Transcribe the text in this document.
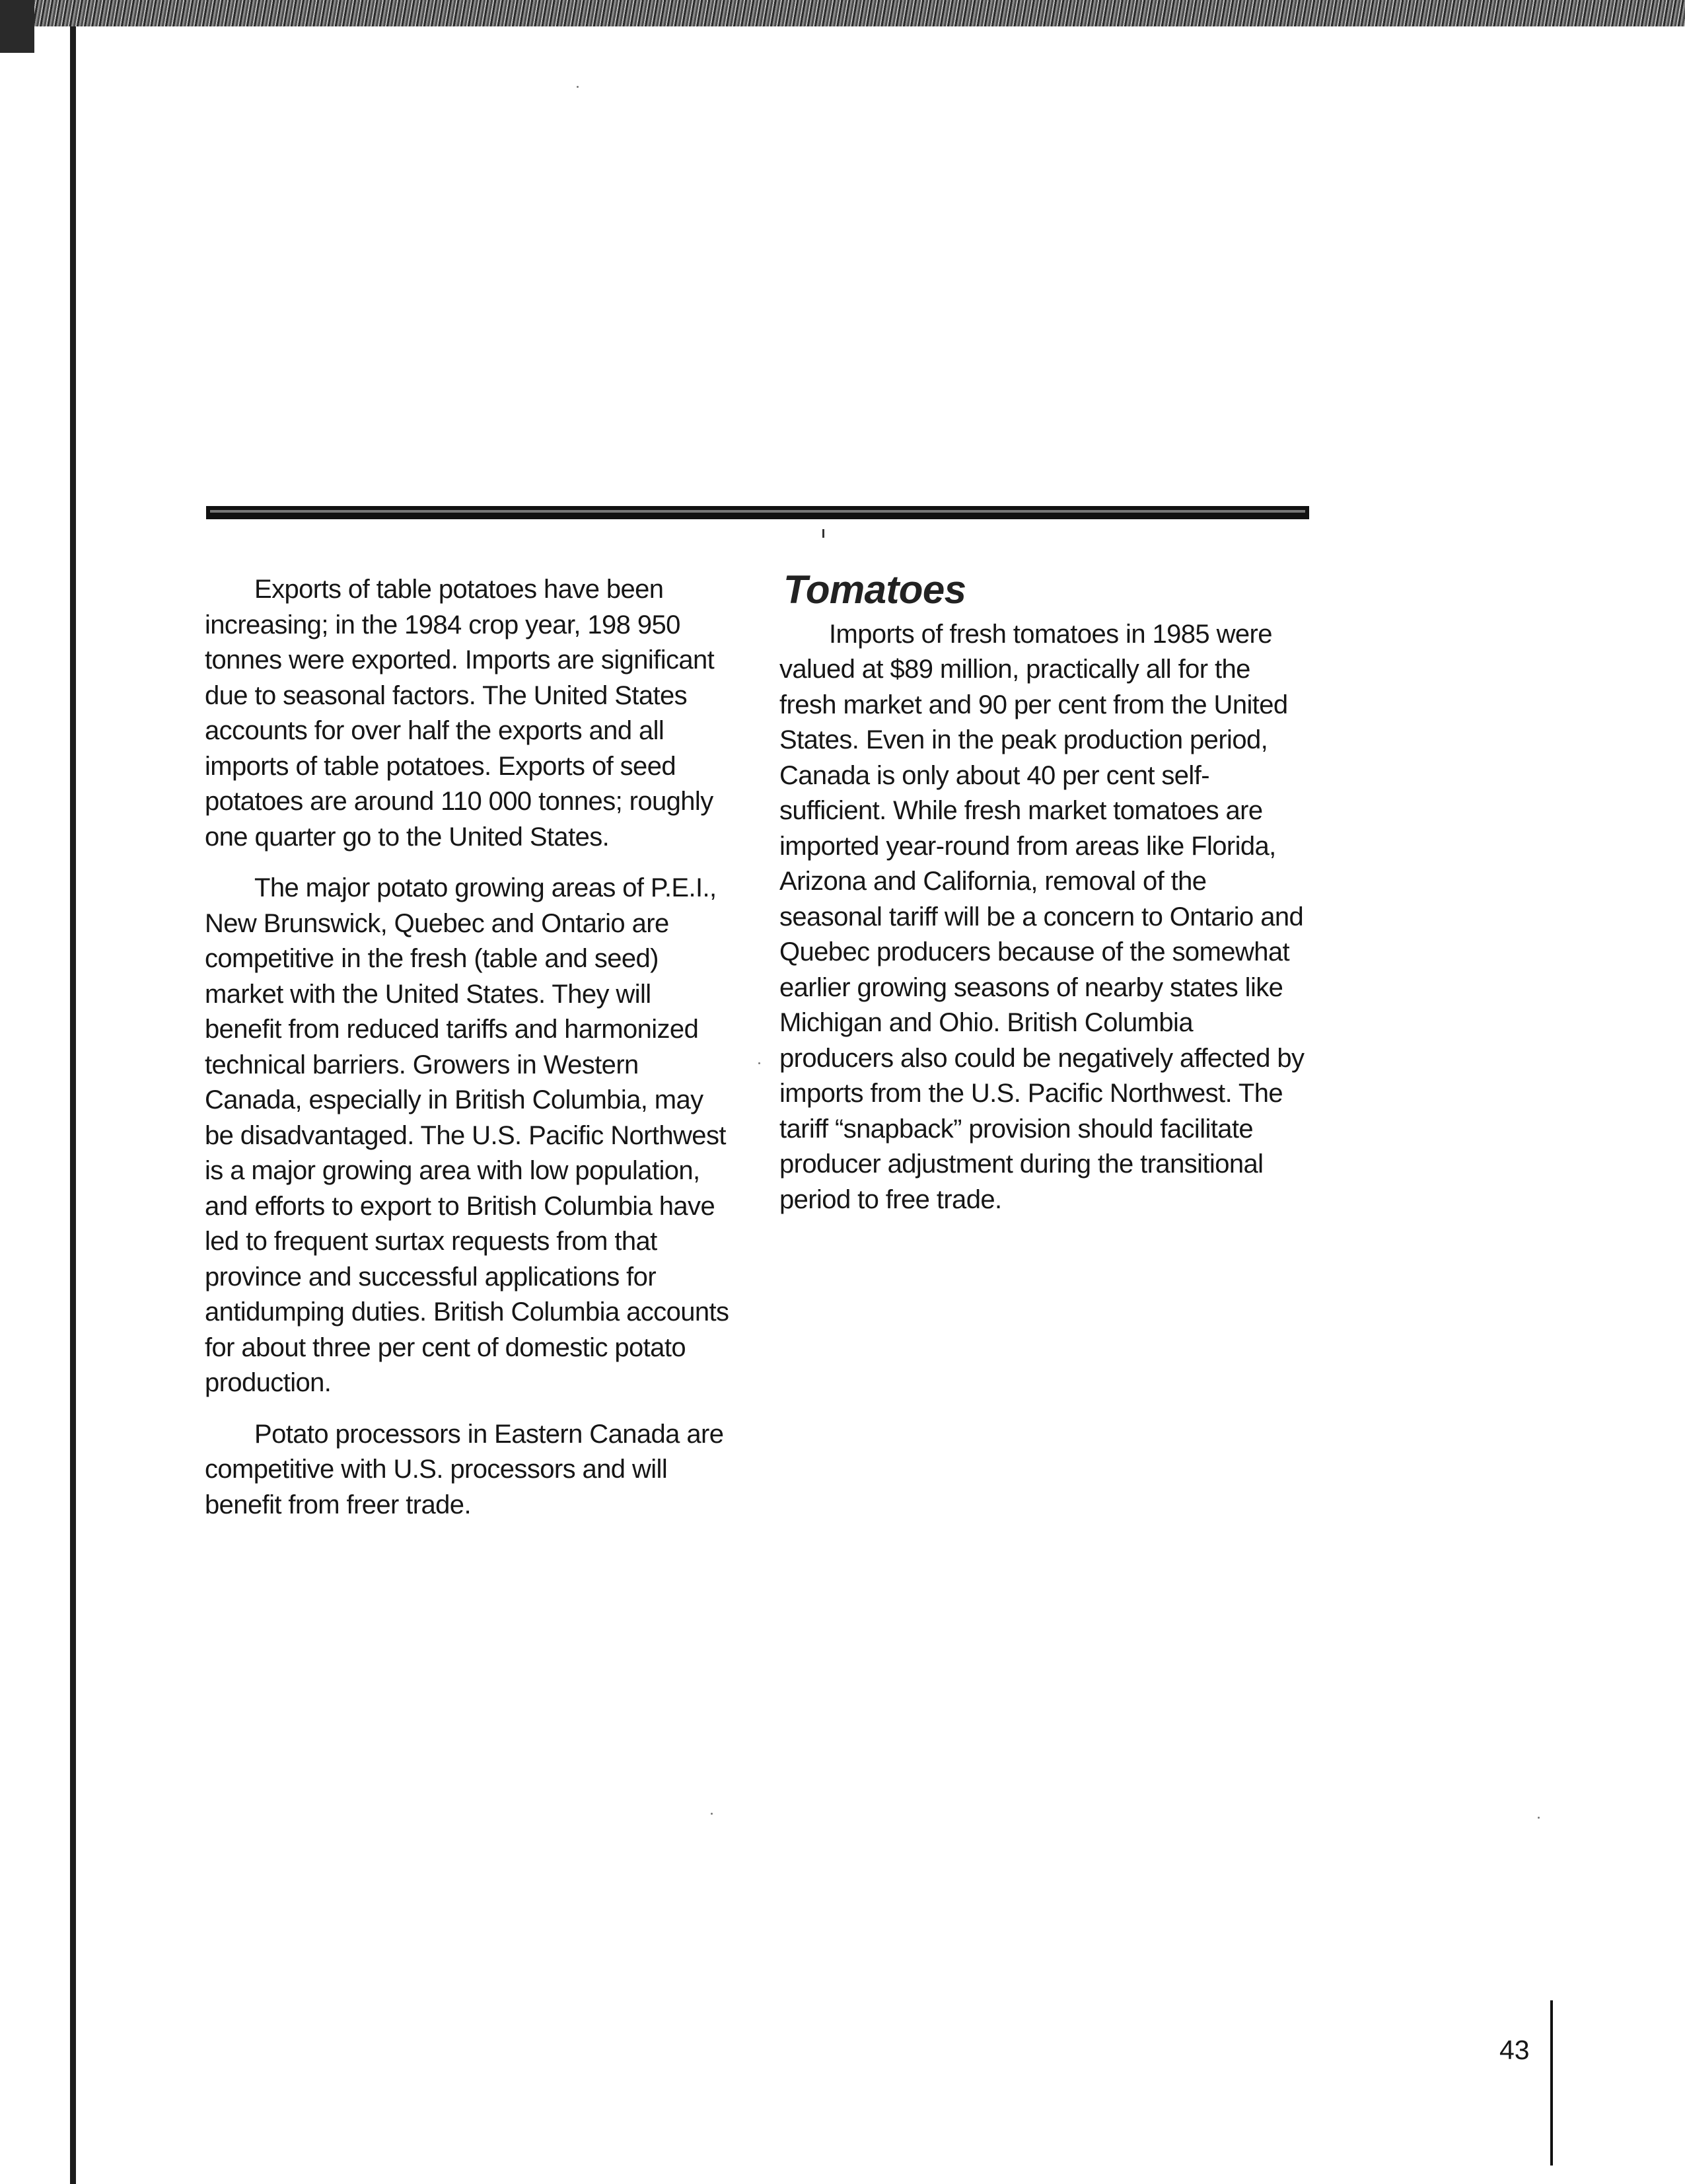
Exports of table potatoes have been increasing; in the 1984 crop year, 198 950 tonnes were exported. Imports are significant due to seasonal factors. The United States accounts for over half the exports and all imports of table potatoes. Exports of seed potatoes are around 110 000 tonnes; roughly one quarter go to the United States.

The major potato growing areas of P.E.I., New Brunswick, Quebec and Ontario are competitive in the fresh (table and seed) market with the United States. They will benefit from reduced tariffs and harmonized technical barriers. Growers in Western Canada, especially in British Columbia, may be disadvantaged. The U.S. Pacific Northwest is a major growing area with low population, and efforts to export to British Columbia have led to frequent surtax requests from that province and successful applications for antidumping duties. British Columbia accounts for about three per cent of domestic potato production.

Potato processors in Eastern Canada are competitive with U.S. processors and will benefit from freer trade.

Tomatoes

Imports of fresh tomatoes in 1985 were valued at $89 million, practically all for the fresh market and 90 per cent from the United States. Even in the peak production period, Canada is only about 40 per cent self-sufficient. While fresh market tomatoes are imported year-round from areas like Florida, Arizona and California, removal of the seasonal tariff will be a concern to Ontario and Quebec producers because of the somewhat earlier growing seasons of nearby states like Michigan and Ohio. British Columbia producers also could be negatively affected by imports from the U.S. Pacific Northwest. The tariff “snapback” provision should facilitate producer adjustment during the transitional period to free trade.

43
